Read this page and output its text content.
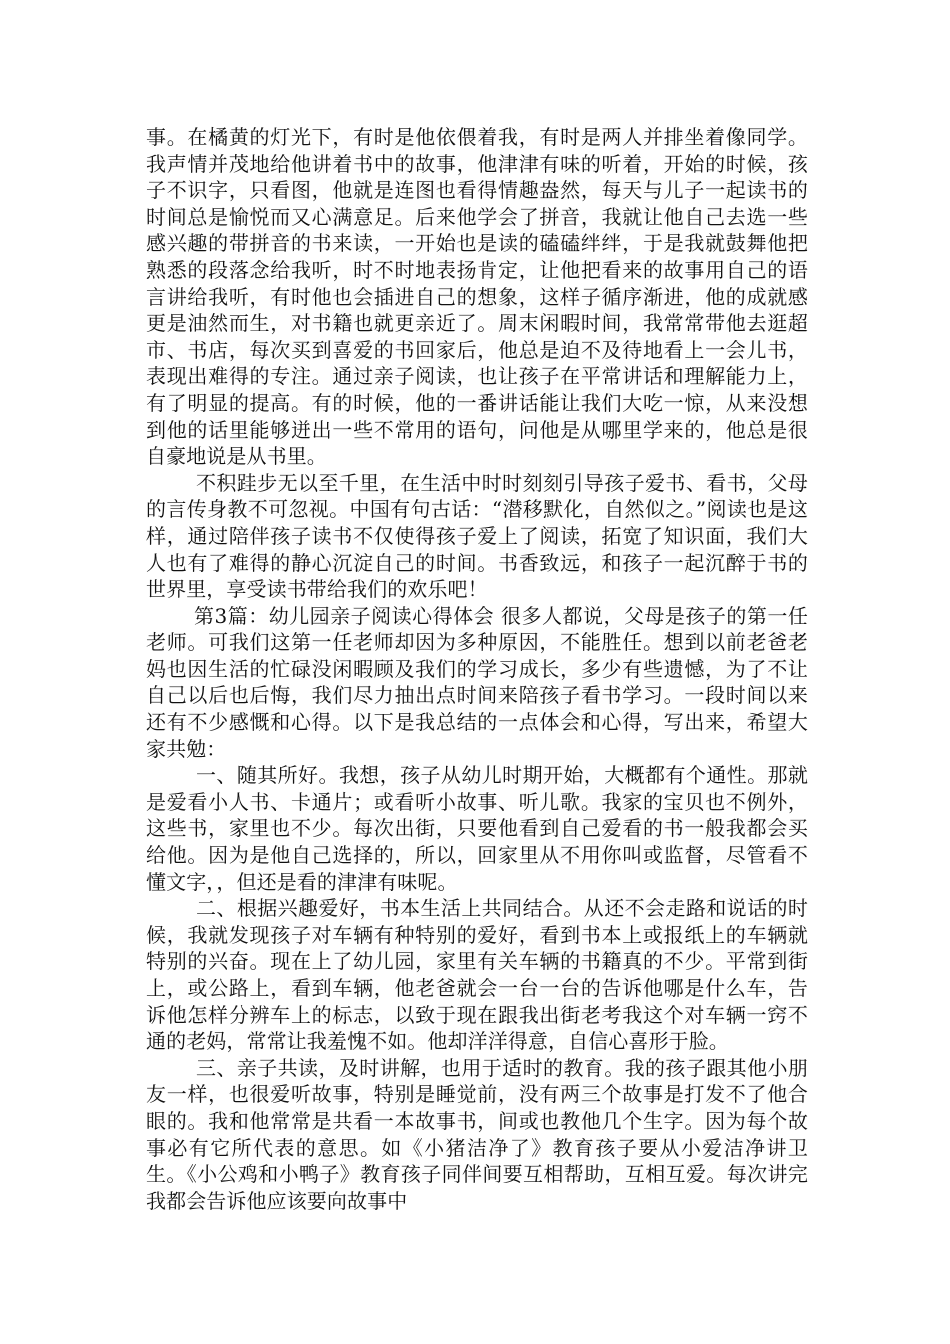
事。在橘黄的灯光下，有时是他依偎着我，有时是两人并排坐着像同学。我声情并茂地给他讲着书中的故事，他津津有味的听着，开始的时候，孩子不识字，只看图，他就是连图也看得情趣盎然，每天与儿子一起读书的时间总是愉悦而又心满意足。后来他学会了拼音，我就让他自己去选一些感兴趣的带拼音的书来读，一开始也是读的磕磕绊绊，于是我就鼓舞他把熟悉的段落念给我听，时不时地表扬肯定，让他把看来的故事用自己的语言讲给我听，有时他也会插进自己的想象，这样子循序渐进，他的成就感更是油然而生，对书籍也就更亲近了。周末闲暇时间，我常常带他去逛超市、书店，每次买到喜爱的书回家后，他总是迫不及待地看上一会儿书，表现出难得的专注。通过亲子阅读，也让孩子在平常讲话和理解能力上，有了明显的提高。有的时候，他的一番讲话能让我们大吃一惊，从来没想到他的话里能够迸出一些不常用的语句，问他是从哪里学来的，他总是很自豪地说是从书里。

不积跬步无以至千里，在生活中时时刻刻引导孩子爱书、看书，父母的言传身教不可忽视。中国有句古话：“潜移默化，自然似之。”阅读也是这样，通过陪伴孩子读书不仅使得孩子爱上了阅读，拓宽了知识面，我们大人也有了难得的静心沉淀自己的时间。书香致远，和孩子一起沉醉于书的世界里，享受读书带给我们的欢乐吧！

第3篇：幼儿园亲子阅读心得体会 很多人都说，父母是孩子的第一任老师。可我们这第一任老师却因为多种原因，不能胜任。想到以前老爸老妈也因生活的忙碌没闲暇顾及我们的学习成长，多少有些遗憾，为了不让自己以后也后悔，我们尽力抽出点时间来陪孩子看书学习。一段时间以来还有不少感慨和心得。以下是我总结的一点体会和心得，写出来，希望大家共勉：

一、随其所好。我想，孩子从幼儿时期开始，大概都有个通性。那就是爱看小人书、卡通片；或看听小故事、听儿歌。我家的宝贝也不例外，这些书，家里也不少。每次出街，只要他看到自己爱看的书一般我都会买给他。因为是他自己选择的，所以，回家里从不用你叫或监督，尽管看不懂文字，，但还是看的津津有味呢。

二、根据兴趣爱好，书本生活上共同结合。从还不会走路和说话的时候，我就发现孩子对车辆有种特别的爱好，看到书本上或报纸上的车辆就特别的兴奋。现在上了幼儿园，家里有关车辆的书籍真的不少。平常到街上，或公路上，看到车辆，他老爸就会一台一台的告诉他哪是什么车，告诉他怎样分辨车上的标志，以致于现在跟我出街老考我这个对车辆一窍不通的老妈，常常让我羞愧不如。他却洋洋得意，自信心喜形于脸。

三、亲子共读，及时讲解，也用于适时的教育。我的孩子跟其他小朋友一样，也很爱听故事，特别是睡觉前，没有两三个故事是打发不了他合眼的。我和他常常是共看一本故事书，间或也教他几个生字。因为每个故事必有它所代表的意思。如《小猪洁净了》教育孩子要从小爱洁净讲卫生。《小公鸡和小鸭子》教育孩子同伴间要互相帮助，互相互爱。每次讲完我都会告诉他应该要向故事中
